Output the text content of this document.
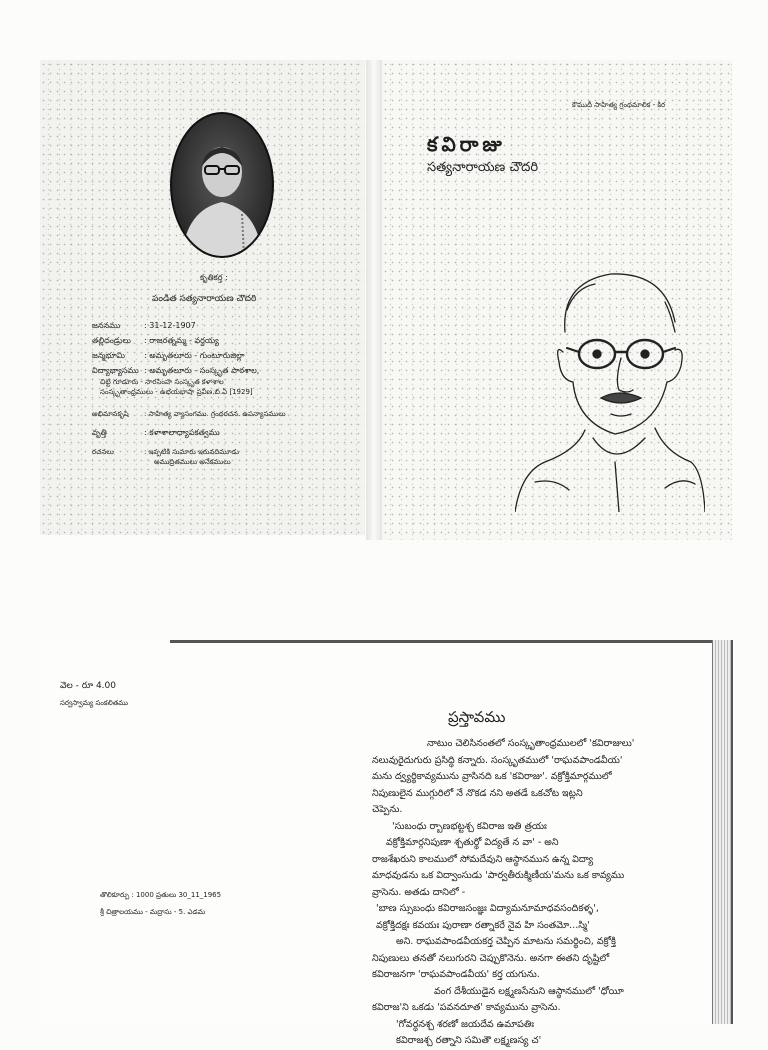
కృతికర్త :
పండిత సత్యనారాయణ చౌదరి
జననము	: 31-12-1907
తల్లిదండ్రులు : రాజరత్నమ్మ - వర్దయ్య
జన్మభూమి : అమృతలూరు - గుంటూరుజిల్లా
విద్యాభ్యాసము : అమృతలూరు - సంస్కృత పాఠశాల,
చిట్టి గూడూరు - నారసింహ సంస్కృత కళాశాల
సంస్కృతాంధ్రములు - ఉభయభాషా ప్రవీణ.బి.ఏ [1929]
అభిమానకృషి : సాహిత్య వ్యాసంగము. గ్రంథరచన. ఉపన్యాసములు
వృత్తి	: కళాశాలాధ్యాపకత్వము
రచనలు	: ఇప్పటికి సుమారు ఇరువదిమూడు
అముద్రితములు అనేకములు
కౌముదీ సాహిత్య గ్రంథమాలిక - కిర
కవిరాజు
సత్యనారాయణ చౌదరి
వెల - రూ 4.00
సర్వస్వామ్య సంకలితము
తొలికూర్పు : 1000 ప్రతులు 30_11_1965
శ్రీ చిత్రాలయము - మద్రాసు - 5. ఎడమ
ప్రస్తావము
నాటుం చెలిసినంతలో సంస్కృతాంధ్రములలో 'కవిరాజులు'
నలువురైదుగురు ప్రసిద్ధి కన్నారు. సంస్కృతములో 'రాఘవపాండవీయ'
మను ద్వ్యర్థికావ్యమును వ్రాసినది ఒక 'కవిరాజు'. వక్రోక్తిమార్గములో
నిపుణులైన ముగ్గురిలో నే నొకడ నని అతడే ఒకచోట ఇట్లని
చెప్పెను.
'సుబంధు ర్బాణభట్టశ్చ కవిరాజ ఇతి త్రయః
వక్రోక్తిమార్గనిపుణా శ్చతుర్థో విద్యతే న వా' - అని
రాజశేఖరుని కాలములో సోమదేవుని ఆస్థానమున ఉన్న విద్యా
మాధవుడను ఒక విద్వాంసుడు 'పార్వతీరుక్మిణీయ'మను ఒక కావ్యము
వ్రాసెను. అతడు దానిలో -
'బాణ స్సుబంధు కవిరాజసంజ్ఞః విద్యామనూమాధవసందికళ్ళ',
వక్రోక్తిదక్షః కవయః పురాణా రత్నాకరే నైవ హి సంతమో...స్మి'
అని. రాఘవపాండవీయకర్త చెప్పిన మాటను సమర్థించి, వక్రోక్తి
నిపుణులు తనతో నలుగురని చెప్పుకొనెను. అనగా ఈతని దృష్టిలో
కవిరాజనగా 'రాఘవపాండవీయ' కర్త యగును.
వంగ దేశీయుడైన లక్ష్మణసేనుని ఆస్థానములో 'ధోయీ
కవిరాజ'ని ఒకడు 'పవనదూత' కావ్యమును వ్రాసెను.
'గోవర్ధనశ్చ శరణో జయదేవ ఉమాపతిః
కవిరాజశ్చ రత్నాని సమితౌ లక్ష్మణస్య చ'
